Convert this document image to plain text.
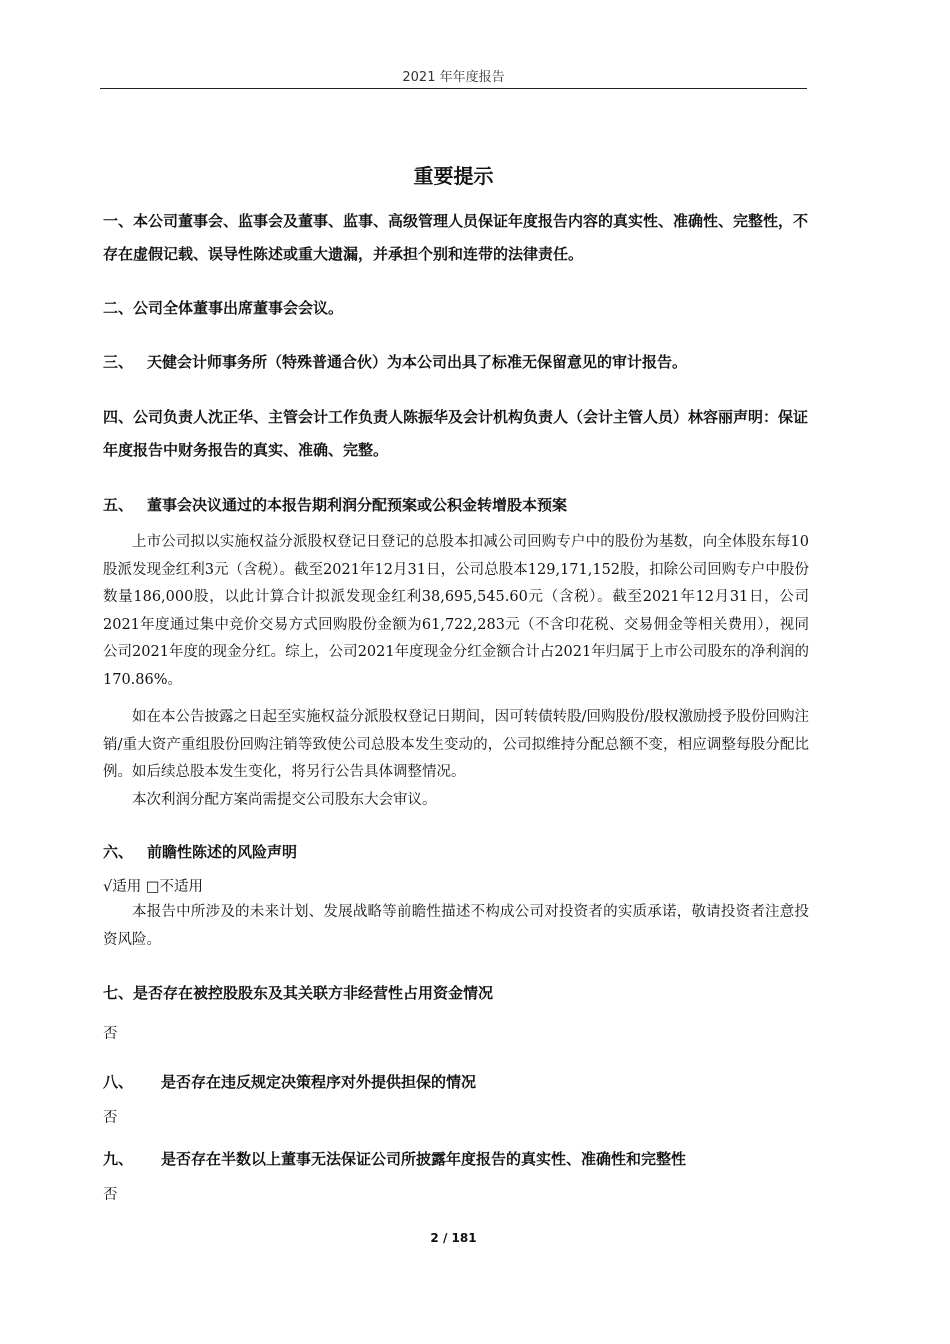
2021 年年度报告
重要提示
一、本公司董事会、监事会及董事、监事、高级管理人员保证年度报告内容的真实性、准确性、完整性，不存在虚假记载、误导性陈述或重大遗漏，并承担个别和连带的法律责任。
二、公司全体董事出席董事会会议。
三、 天健会计师事务所（特殊普通合伙）为本公司出具了标准无保留意见的审计报告。
四、公司负责人沈正华、主管会计工作负责人陈振华及会计机构负责人（会计主管人员）林容丽声明：保证年度报告中财务报告的真实、准确、完整。
五、 董事会决议通过的本报告期利润分配预案或公积金转增股本预案
上市公司拟以实施权益分派股权登记日登记的总股本扣减公司回购专户中的股份为基数，向全体股东每10股派发现金红利3元（含税）。截至2021年12月31日，公司总股本129,171,152股，扣除公司回购专户中股份数量186,000股，以此计算合计拟派发现金红利38,695,545.60元（含税）。截至2021年12月31日，公司2021年度通过集中竞价交易方式回购股份金额为61,722,283元（不含印花税、交易佣金等相关费用），视同公司2021年度的现金分红。综上，公司2021年度现金分红金额合计占2021年归属于上市公司股东的净利润的170.86%。
如在本公告披露之日起至实施权益分派股权登记日期间，因可转债转股/回购股份/股权激励授予股份回购注销/重大资产重组股份回购注销等致使公司总股本发生变动的，公司拟维持分配总额不变，相应调整每股分配比例。如后续总股本发生变化，将另行公告具体调整情况。
本次利润分配方案尚需提交公司股东大会审议。
六、 前瞻性陈述的风险声明
√适用 □不适用
本报告中所涉及的未来计划、发展战略等前瞻性描述不构成公司对投资者的实质承诺，敬请投资者注意投资风险。
七、是否存在被控股股东及其关联方非经营性占用资金情况
否
八、 是否存在违反规定决策程序对外提供担保的情况
否
九、 是否存在半数以上董事无法保证公司所披露年度报告的真实性、准确性和完整性
否
2 / 181
